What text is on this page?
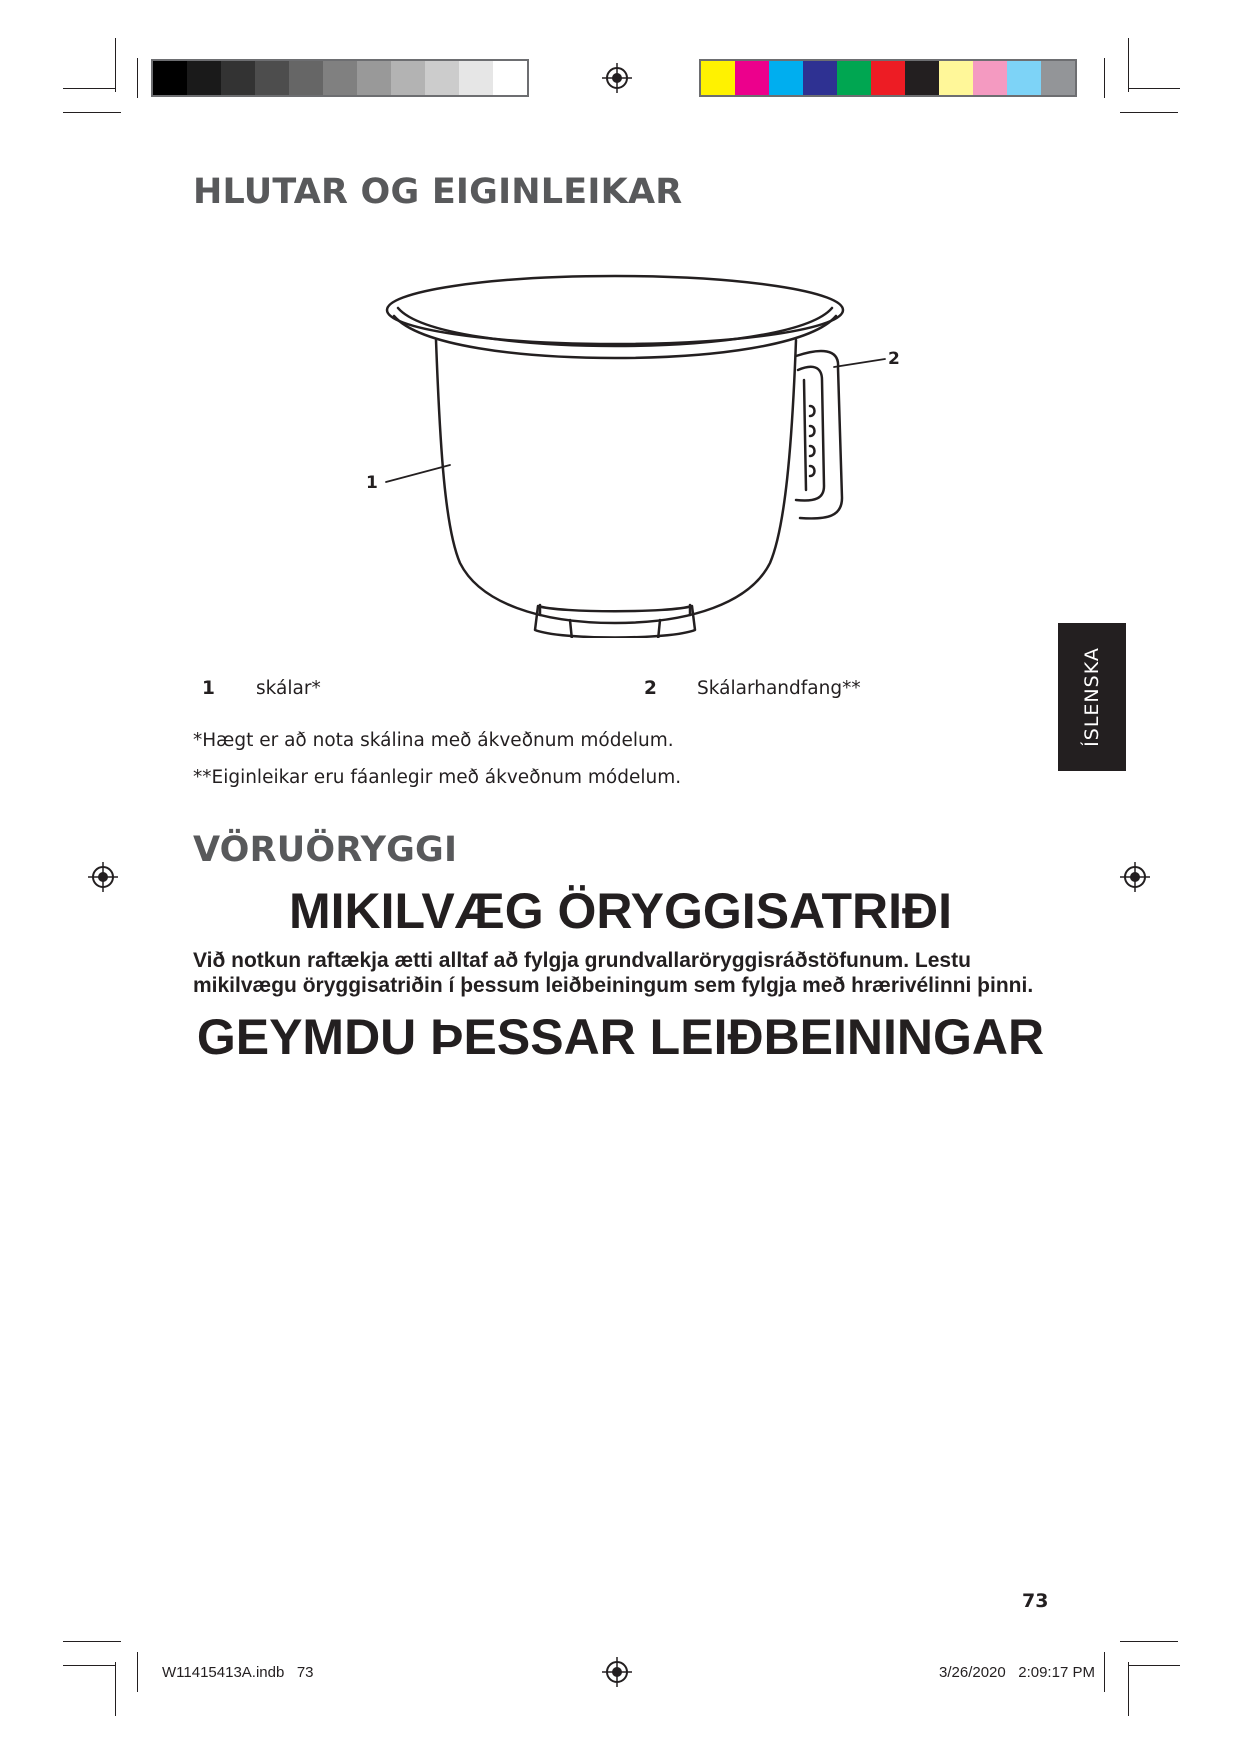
HLUTAR OG EIGINLEIKAR
1
2
1 skálar*	2 Skálarhandfang**
*Hægt er að nota skálina með ákveðnum módelum.
**Eiginleikar eru fáanlegir með ákveðnum módelum.
ÍSLENSKA
VÖRUÖRYGGI
MIKILVÆG ÖRYGGISATRIÐI
Við notkun raftækja ætti alltaf að fylgja grundvallaröryggisráðstöfunum. Lestu
mikilvægu öryggisatriðin í þessum leiðbeiningum sem fylgja með hrærivélinni þinni.
GEYMDU ÞESSAR LEIÐBEININGAR
73
W11415413A.indb   73	3/26/2020   2:09:17 PM
